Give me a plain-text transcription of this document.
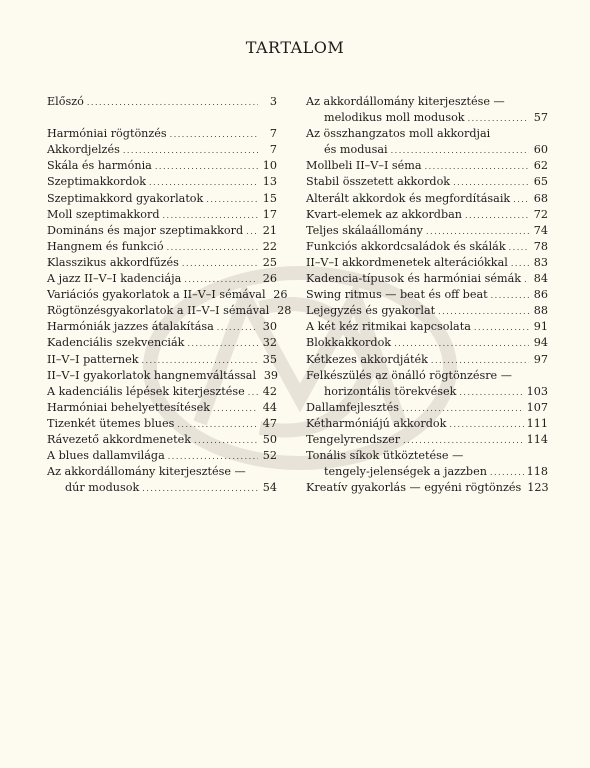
TARTALOM
Előszó .....	3
Harmóniai rögtönzés .....	7
Akkordjelzés .....	7
Skála és harmónia .....	10
Szeptimakkordok .....	13
Szeptimakkord gyakorlatok .....	15
Moll szeptimakkord .....	17
Domináns és major szeptimakkord ..... 21
Hangnem és funkció .....	22
Klasszikus akkordfűzés .....	25
A jazz II–V–I kadenciája .....	26
Variációs gyakorlatok a II–V–I sémával 26
Rögtönzésgyakorlatok a II–V–I sémával 28
Harmóniák jazzes átalakítása .....	30
Kadenciális szekvenciák .....	32
II–V–I patternek .....	35
II–V–I gyakorlatok hangnemváltással 39
A kadenciális lépések kiterjesztése ..... 42
Harmóniai behelyettesítések .....	44
Tizenkét ütemes blues .....	47
Rávezető akkordmenetek .....	50
A blues dallamvilága .....	52
Az akkordállomány kiterjesztése —
dúr modusok .....	54
Az akkordállomány kiterjesztése —
melodikus moll modusok .....	57
Az összhangzatos moll akkordjai
és modusai .....	60
Mollbeli II–V–I séma .....	62
Stabil összetett akkordok .....	65
Alterált akkordok és megfordításaik ..... 68
Kvart-elemek az akkordban .....	72
Teljes skálaállomány .....	74
Funkciós akkordcsaládok és skálák .....	78
II–V–I akkordmenetek alterációkkal ..... 83
Kadencia-típusok és harmóniai sémák ..... 84
Swing ritmus — beat és off beat .....	86
Lejegyzés és gyakorlat .....	88
A két kéz ritmikai kapcsolata .....	91
Blokkakkordok .....	94
Kétkezes akkordjáték .....	97
Felkészülés az önálló rögtönzésre —
horizontális törekvések .....	103
Dallamfejlesztés .....	107
Kétharmóniájú akkordok .....	111
Tengelyrendszer .....	114
Tonális síkok ütköztetése —
tengely-jelenségek a jazzben .....	118
Kreatív gyakorlás — egyéni rögtönzés 123
